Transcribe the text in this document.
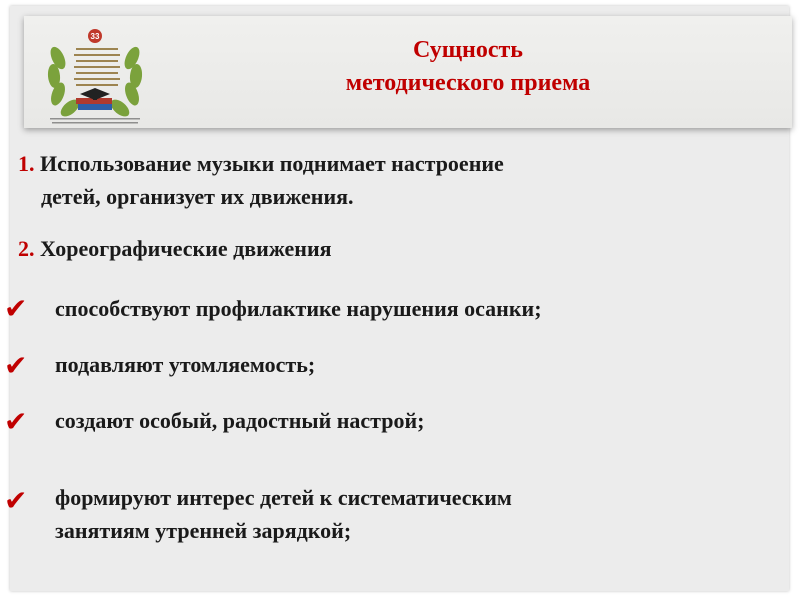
33
Сущность
методического приема
1. Использование музыки поднимает настроение
детей, организует их движения.
2. Хореографические движения
✔ способствуют профилактике нарушения осанки;
✔ подавляют утомляемость;
✔ создают особый, радостный настрой;
✔ формируют интерес детей к систематическим
занятиям утренней зарядкой;
